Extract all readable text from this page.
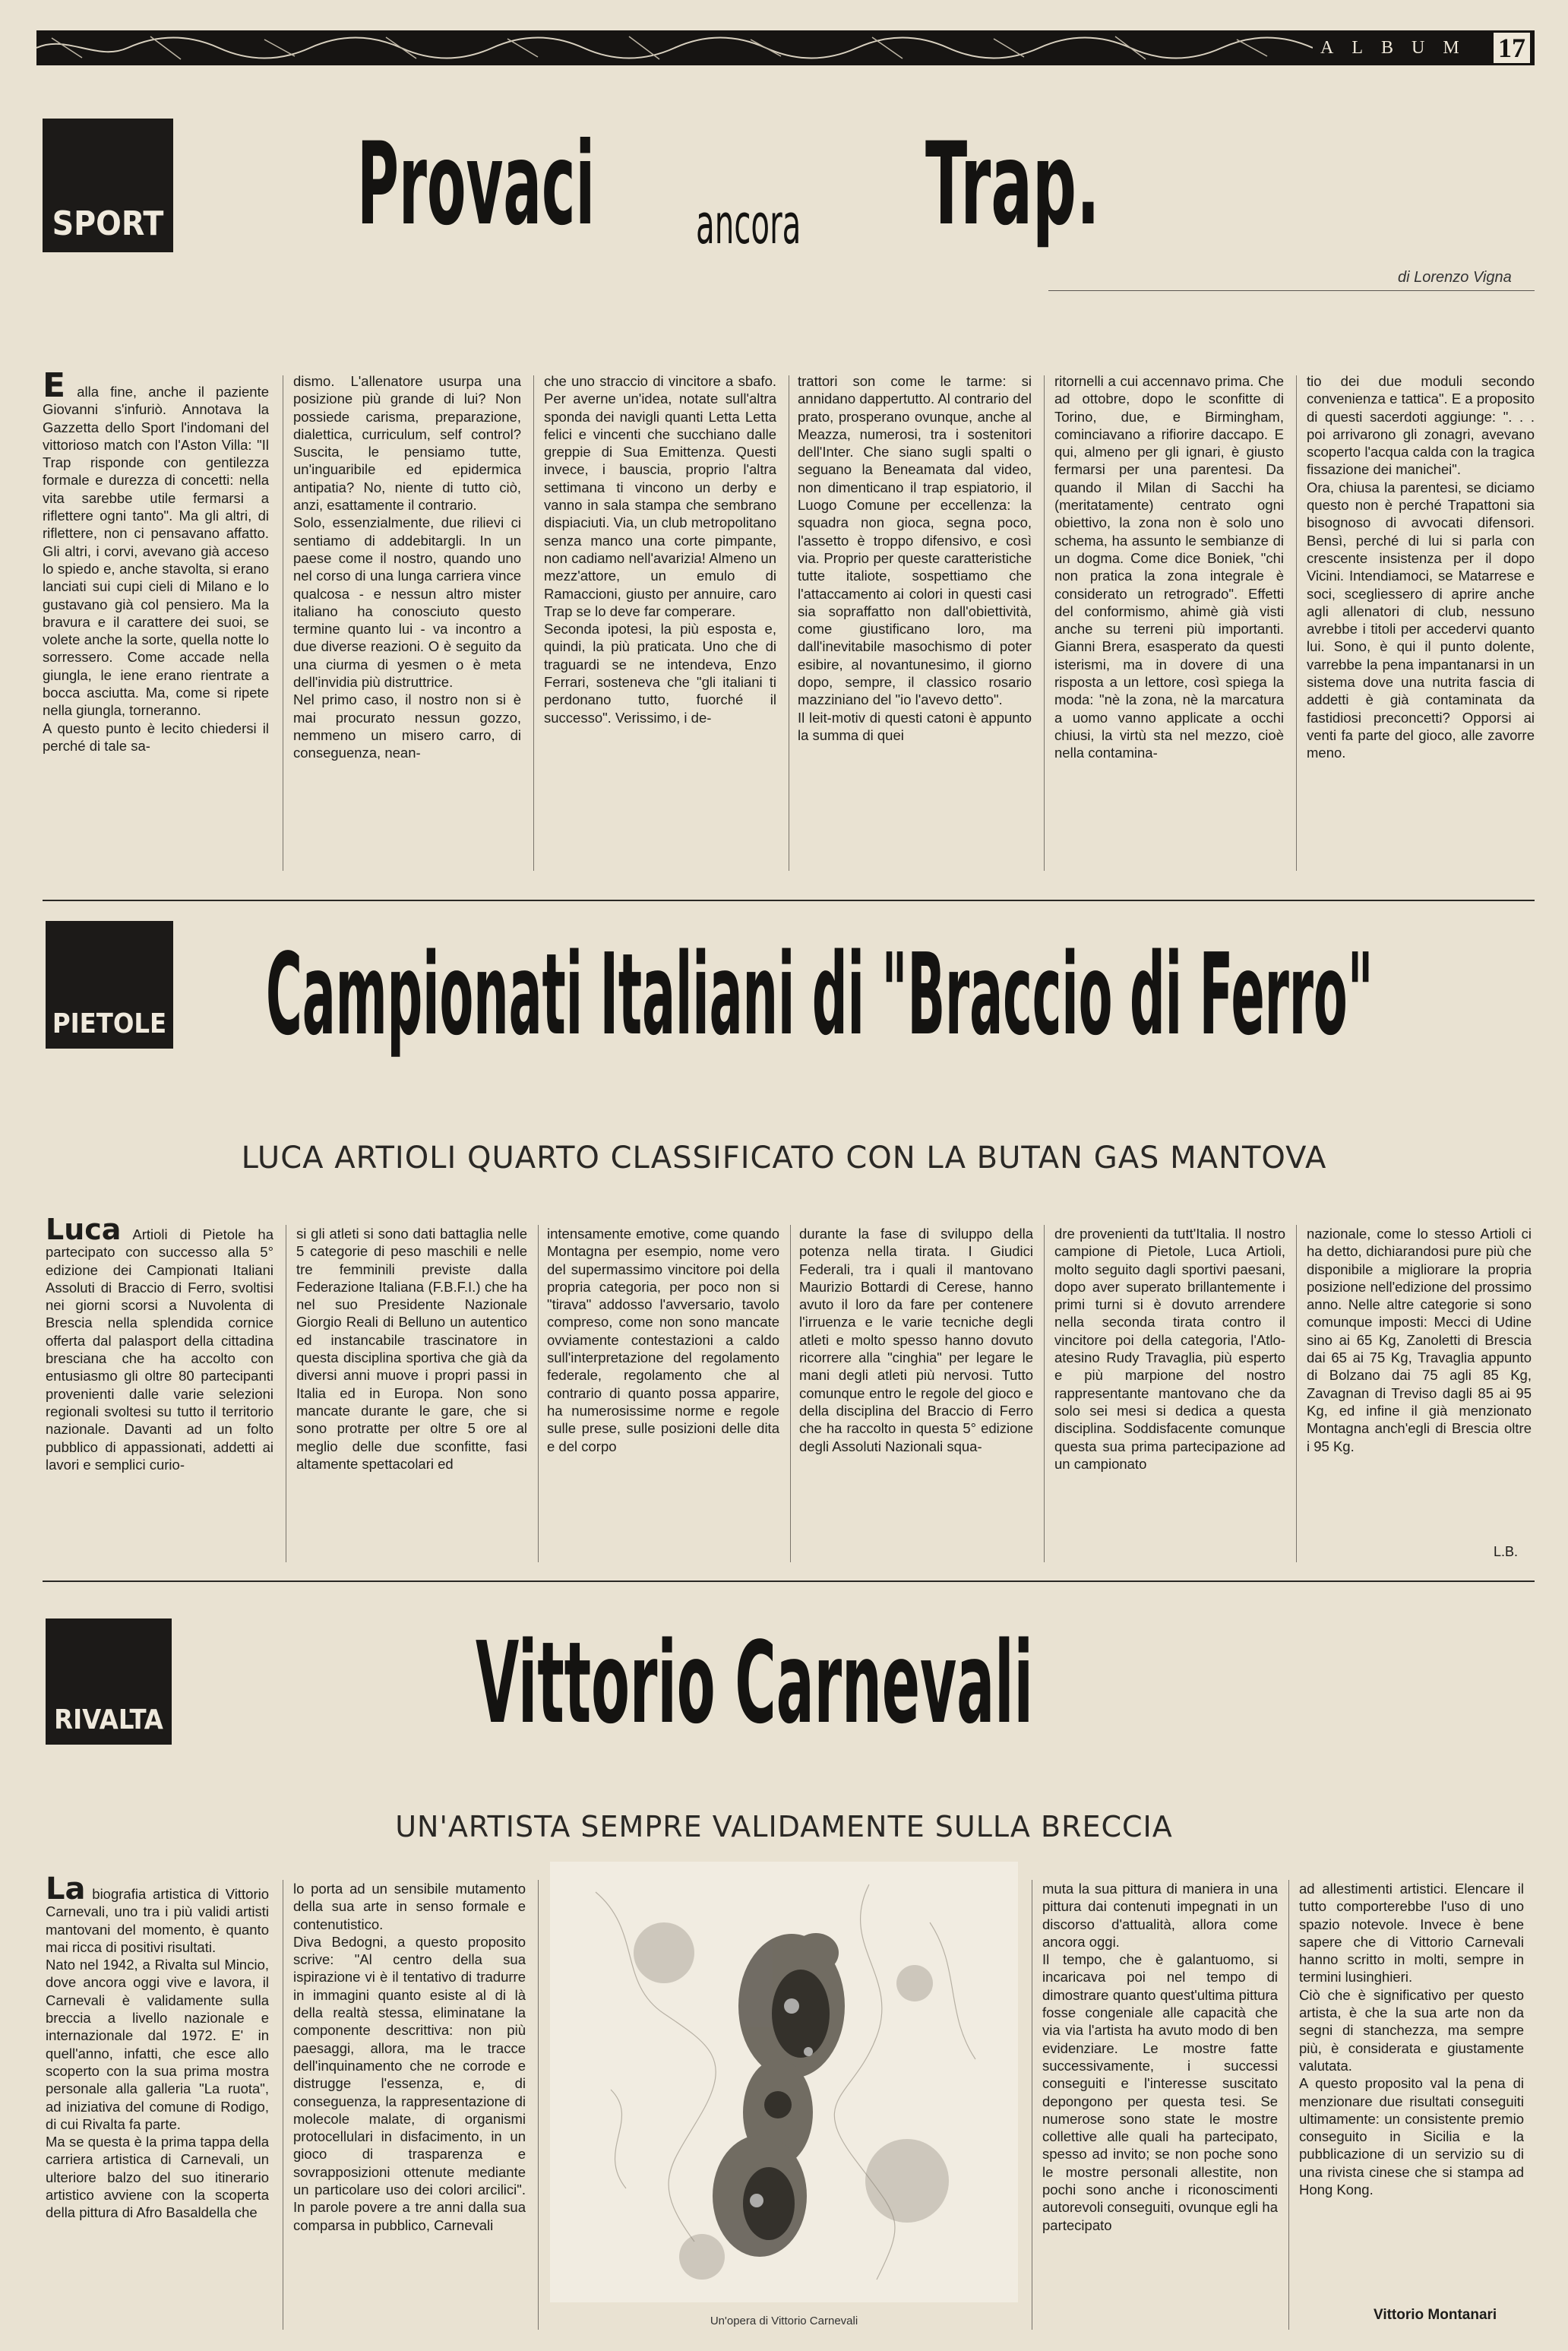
ALBUM 17
SPORT Provaci ancora Trap.
di Lorenzo Vigna

E alla fine, anche il paziente Giovanni s'infuriò. Annotava la Gazzetta dello Sport l'indomani del vittorioso match con l'Aston Villa: "Il Trap risponde con gentilezza formale e durezza di concetti: nella vita sarebbe utile fermarsi a riflettere ogni tanto". Ma gli altri, di riflettere, non ci pensavano affatto. Gli altri, i corvi, avevano già acceso lo spiedo e, anche stavolta, si erano lanciati sui cupi cieli di Milano e lo gustavano già col pensiero. Ma la bravura e il carattere dei suoi, se volete anche la sorte, quella notte lo sorressero. Come accade nella giungla, le iene erano rientrate a bocca asciutta. Ma, come si ripete nella giungla, torneranno.
A questo punto è lecito chiedersi il perché di tale sa-

dismo. L'allenatore usurpa una posizione più grande di lui? Non possiede carisma, preparazione, dialettica, curriculum, self control? Suscita, le pensiamo tutte, un'inguaribile ed epidermica antipatia? No, niente di tutto ciò, anzi, esattamente il contrario.
Solo, essenzialmente, due rilievi ci sentiamo di addebitargli. In un paese come il nostro, quando uno nel corso di una lunga carriera vince qualcosa - e nessun altro mister italiano ha conosciuto questo termine quanto lui - va incontro a due diverse reazioni. O è seguito da una ciurma di yesmen o è meta dell'invidia più distruttrice.
Nel primo caso, il nostro non si è mai procurato nessun gozzo, nemmeno un misero carro, di conseguenza, nean-

che uno straccio di vincitore a sbafo. Per averne un'idea, notate sull'altra sponda dei navigli quanti Letta Letta felici e vincenti che succhiano dalle greppie di Sua Emittenza. Questi invece, i bauscia, proprio l'altra settimana ti vincono un derby e vanno in sala stampa che sembrano dispiaciuti. Via, un club metropolitano senza manco una corte pimpante, non cadiamo nell'avarizia! Almeno un mezz'attore, un emulo di Ramaccioni, giusto per annuire, caro Trap se lo deve far comperare.
Seconda ipotesi, la più esposta e, quindi, la più praticata. Uno che di traguardi se ne intendeva, Enzo Ferrari, sosteneva che "gli italiani ti perdonano tutto, fuorché il successo". Verissimo, i de-

trattori son come le tarme: si annidano dappertutto. Al contrario del prato, prosperano ovunque, anche al Meazza, numerosi, tra i sostenitori dell'Inter. Che siano sugli spalti o seguano la Beneamata dal video, non dimenticano il trap espiatorio, il Luogo Comune per eccellenza: la squadra non gioca, segna poco, l'assetto è troppo difensivo, e così via. Proprio per queste caratteristiche tutte italiote, sospettiamo che l'attaccamento ai colori in questi casi sia sopraffatto non dall'obiettività, come giustificano loro, ma dall'inevitabile masochismo di poter esibire, al novantunesimo, il giorno dopo, sempre, il classico rosario mazziniano del "io l'avevo detto".
Il leit-motiv di questi catoni è appunto la summa di quei

ritornelli a cui accennavo prima. Che ad ottobre, dopo le sconfitte di Torino, due, e Birmingham, cominciavano a rifiorire daccapo. E qui, almeno per gli ignari, è giusto fermarsi per una parentesi. Da quando il Milan di Sacchi ha (meritatamente) centrato ogni obiettivo, la zona non è solo uno schema, ha assunto le sembianze di un dogma. Come dice Boniek, "chi non pratica la zona integrale è considerato un retrogrado". Effetti del conformismo, ahimè già visti anche su terreni più importanti. Gianni Brera, esasperato da questi isterismi, ma in dovere di una risposta a un lettore, così spiega la moda: "nè la zona, nè la marcatura a uomo vanno applicate a occhi chiusi, la virtù sta nel mezzo, cioè nella contamina-

tio dei due moduli secondo convenienza e tattica". E a proposito di questi sacerdoti aggiunge: ". . . poi arrivarono gli zonagri, avevano scoperto l'acqua calda con la tragica fissazione dei manichei".
Ora, chiusa la parentesi, se diciamo questo non è perché Trapattoni sia bisognoso di avvocati difensori. Bensì, perché di lui si parla con crescente insistenza per il dopo Vicini. Intendiamoci, se Matarrese e soci, scegliessero di aprire anche agli allenatori di club, nessuno avrebbe i titoli per accedervi quanto lui. Sono, è qui il punto dolente, varrebbe la pena impantanarsi in un sistema dove una nutrita fascia di addetti è già contaminata da fastidiosi preconcetti? Opporsi ai venti fa parte del gioco, alle zavorre meno.

PIETOLE Campionati Italiani di "Braccio di Ferro"
LUCA ARTIOLI QUARTO CLASSIFICATO CON LA BUTAN GAS MANTOVA

Luca Artioli di Pietole ha partecipato con successo alla 5° edizione dei Campionati Italiani Assoluti di Braccio di Ferro, svoltisi nei giorni scorsi a Nuvolenta di Brescia nella splendida cornice offerta dal palasport della cittadina bresciana che ha accolto con entusiasmo gli oltre 80 partecipanti provenienti dalle varie selezioni regionali svoltesi su tutto il territorio nazionale. Davanti ad un folto pubblico di appassionati, addetti ai lavori e semplici curio-

si gli atleti si sono dati battaglia nelle 5 categorie di peso maschili e nelle tre femminili previste dalla Federazione Italiana (F.B.F.I.) che ha nel suo Presidente Nazionale Giorgio Reali di Belluno un autentico ed instancabile trascinatore in questa disciplina sportiva che già da diversi anni muove i propri passi in Italia ed in Europa. Non sono mancate durante le gare, che si sono protratte per oltre 5 ore al meglio delle due sconfitte, fasi altamente spettacolari ed

intensamente emotive, come quando Montagna per esempio, nome vero del supermassimo vincitore poi della propria categoria, per poco non si "tirava" addosso l'avversario, tavolo compreso, come non sono mancate ovviamente contestazioni a caldo sull'interpretazione del regolamento federale, regolamento che al contrario di quanto possa apparire, ha numerosissime norme e regole sulle prese, sulle posizioni delle dita e del corpo

durante la fase di sviluppo della potenza nella tirata. I Giudici Federali, tra i quali il mantovano Maurizio Bottardi di Cerese, hanno avuto il loro da fare per contenere l'irruenza e le varie tecniche degli atleti e molto spesso hanno dovuto ricorrere alla "cinghia" per legare le mani degli atleti più nervosi. Tutto comunque entro le regole del gioco e della disciplina del Braccio di Ferro che ha raccolto in questa 5° edizione degli Assoluti Nazionali squa-

dre provenienti da tutt'Italia. Il nostro campione di Pietole, Luca Artioli, molto seguito dagli sportivi paesani, dopo aver superato brillantemente i primi turni si è dovuto arrendere nella seconda tirata contro il vincitore poi della categoria, l'Atlo-atesino Rudy Travaglia, più esperto e più marpione del nostro rappresentante mantovano che da solo sei mesi si dedica a questa disciplina. Soddisfacente comunque questa sua prima partecipazione ad un campionato

nazionale, come lo stesso Artioli ci ha detto, dichiarandosi pure più che disponibile a migliorare la propria posizione nell'edizione del prossimo anno. Nelle altre categorie si sono comunque imposti: Mecci di Udine sino ai 65 Kg, Zanoletti di Brescia dai 65 ai 75 Kg, Travaglia appunto di Bolzano dai 75 agli 85 Kg, Zavagnan di Treviso dagli 85 ai 95 Kg, ed infine il già menzionato Montagna anch'egli di Brescia oltre i 95 Kg.

L.B.
RIVALTA	Vittorio Carnevali
UN'ARTISTA SEMPRE VALIDAMENTE SULLA BRECCIA

La biografia artistica di Vittorio Carnevali, uno tra i più validi artisti mantovani del momento, è quanto mai ricca di positivi risultati.
Nato nel 1942, a Rivalta sul Mincio, dove ancora oggi vive e lavora, il Carnevali è validamente sulla breccia a livello nazionale e internazionale dal 1972. E' in quell'anno, infatti, che esce allo scoperto con la sua prima mostra personale alla galleria "La ruota", ad iniziativa del comune di Rodigo, di cui Rivalta fa parte.
Ma se questa è la prima tappa della carriera artistica di Carnevali, un ulteriore balzo del suo itinerario artistico avviene con la scoperta della pittura di Afro Basaldella che

lo porta ad un sensibile mutamento della sua arte in senso formale e contenutistico.
Diva Bedogni, a questo proposito scrive: "Al centro della sua ispirazione vi è il tentativo di tradurre in immagini quanto esiste al di là della realtà stessa, eliminatane la componente descrittiva: non più paesaggi, allora, ma le tracce dell'inquinamento che ne corrode e distrugge l'essenza, e, di conseguenza, la rappresentazione di molecole malate, di organismi protocellulari in disfacimento, in un gioco di trasparenza e sovrapposizioni ottenute mediante un particolare uso dei colori arcilici". In parole povere a tre anni dalla sua comparsa in pubblico, Carnevali

Un'opera di Vittorio Carnevali

muta la sua pittura di maniera in una pittura dai contenuti impegnati in un discorso d'attualità, allora come ancora oggi.
Il tempo, che è galantuomo, si incaricava poi nel tempo di dimostrare quanto quest'ultima pittura fosse congeniale alle capacità che via via l'artista ha avuto modo di ben evidenziare. Le mostre fatte successivamente, i successi conseguiti e l'interesse suscitato depongono per questa tesi. Se numerose sono state le mostre collettive alle quali ha partecipato, spesso ad invito; se non poche sono le mostre personali allestite, non pochi sono anche i riconoscimenti autorevoli conseguiti, ovunque egli ha partecipato

ad allestimenti artistici. Elencare il tutto comporterebbe l'uso di uno spazio notevole. Invece è bene sapere che di Vittorio Carnevali hanno scritto in molti, sempre in termini lusinghieri.
Ciò che è significativo per questo artista, è che la sua arte non da segni di stanchezza, ma sempre più, è considerata e giustamente valutata.
A questo proposito val la pena di menzionare due risultati conseguiti ultimamente: un consistente premio conseguito in Sicilia e la pubblicazione di un servizio su di una rivista cinese che si stampa ad Hong Kong.

Vittorio Montanari
